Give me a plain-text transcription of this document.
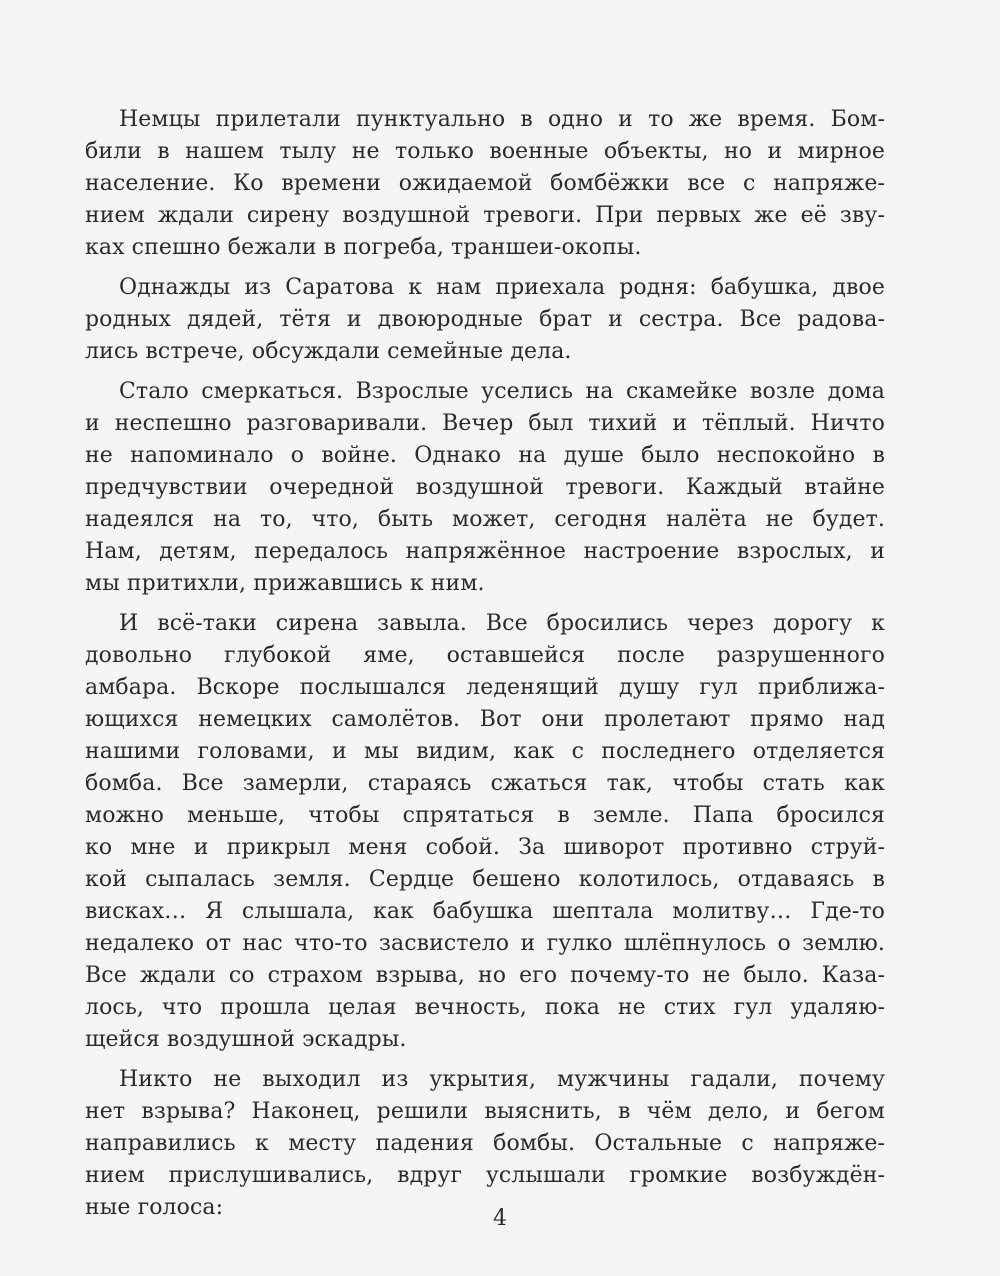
Немцы прилетали пунктуально в одно и то же время. Бом-
били в нашем тылу не только военные объекты, но и мирное
население. Ко времени ожидаемой бомбёжки все с напряже-
нием ждали сирену воздушной тревоги. При первых же её зву-
ках спешно бежали в погреба, траншеи-окопы.
Однажды из Саратова к нам приехала родня: бабушка, двое
родных дядей, тётя и двоюродные брат и сестра. Все радова-
лись встрече, обсуждали семейные дела.
Стало смеркаться. Взрослые уселись на скамейке возле дома
и неспешно разговаривали. Вечер был тихий и тёплый. Ничто
не напоминало о войне. Однако на душе было неспокойно в
предчувствии очередной воздушной тревоги. Каждый втайне
надеялся на то, что, быть может, сегодня налёта не будет.
Нам, детям, передалось напряжённое настроение взрослых, и
мы притихли, прижавшись к ним.
И всё-таки сирена завыла. Все бросились через дорогу к
довольно глубокой яме, оставшейся после разрушенного
амбара. Вскоре послышался леденящий душу гул приближа-
ющихся немецких самолётов. Вот они пролетают прямо над
нашими головами, и мы видим, как с последнего отделяется
бомба. Все замерли, стараясь сжаться так, чтобы стать как
можно меньше, чтобы спрятаться в земле. Папа бросился
ко мне и прикрыл меня собой. За шиворот противно струй-
кой сыпалась земля. Сердце бешено колотилось, отдаваясь в
висках… Я слышала, как бабушка шептала молитву… Где-то
недалеко от нас что-то засвистело и гулко шлёпнулось о землю.
Все ждали со страхом взрыва, но его почему-то не было. Каза-
лось, что прошла целая вечность, пока не стих гул удаляю-
щейся воздушной эскадры.
Никто не выходил из укрытия, мужчины гадали, почему
нет взрыва? Наконец, решили выяснить, в чём дело, и бегом
направились к месту падения бомбы. Остальные с напряже-
нием прислушивались, вдруг услышали громкие возбуждён-
ные голоса:	4
